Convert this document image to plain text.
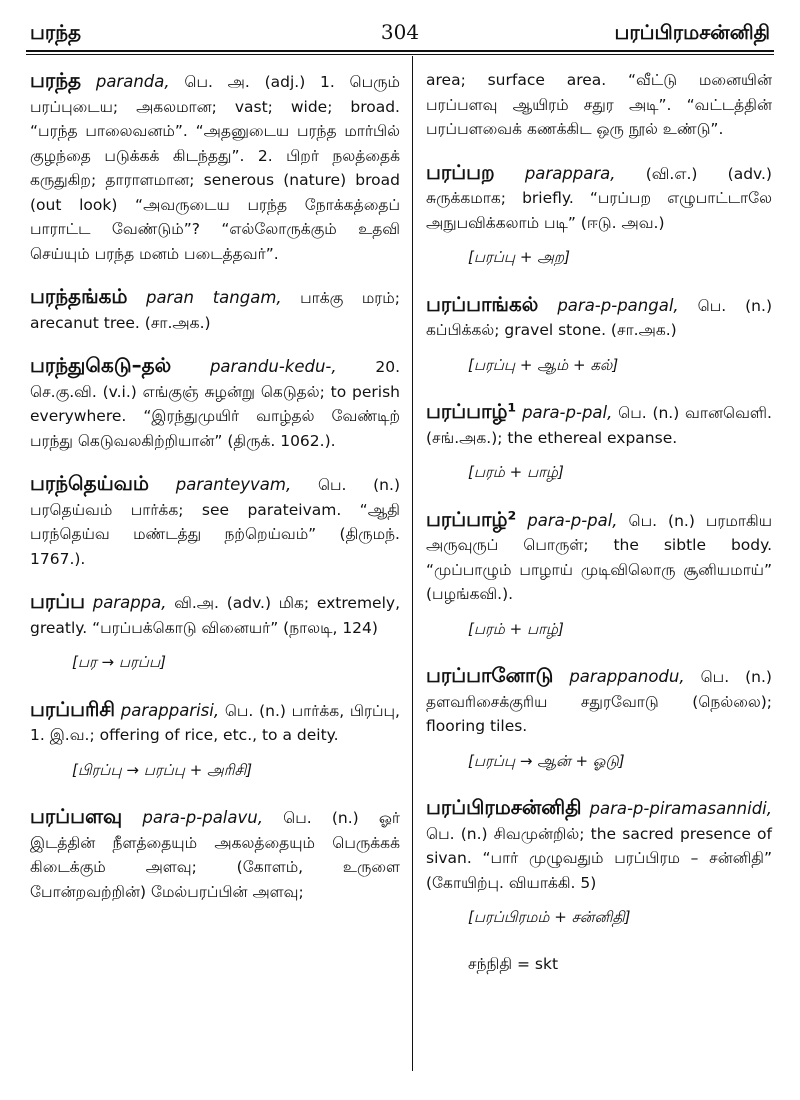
பரந்த	304	பரப்பிரமசன்னிதி
பரந்த paranda, பெ. அ. (adj.) 1. பெரும் பரப்புடைய; அகலமான; vast; wide; broad. “பரந்த பாலைவனம்”. “அதனுடைய பரந்த மார்பில் குழந்தை படுக்கக் கிடந்தது”. 2. பிறர் நலத்தைக் கருதுகிற; தாராளமான; senerous (nature) broad (out look) “அவருடைய பரந்த நோக்கத்தைப் பாராட்ட வேண்டும்”? “எல்லோருக்கும் உதவி செய்யும் பரந்த மனம் படைத்தவர்”.
பரந்தங்கம் paran tangam, பாக்கு மரம்; arecanut tree. (சா.அக.)
பரந்துகெடு–தல் parandu-kedu-, 20. செ.கு.வி. (v.i.) எங்குஞ் சுழன்று கெடுதல்; to perish everywhere. “இரந்துமுயிர் வாழ்தல் வேண்டிற் பரந்து கெடுவலகிற்றியான்” (திருக். 1062.).
பரந்தெய்வம் paranteyvam, பெ. (n.) பரதெய்வம் பார்க்க; see parateivam. “ஆதி பரந்தெய்வ மண்டத்து நற்றெய்வம்” (திருமந். 1767.).
பரப்ப parappa, வி.அ. (adv.) மிக; extremely, greatly. “பரப்பக்கொடு வினையர்” (நாலடி, 124)
[பர → பரப்ப]
பரப்பரிசி parapparisi, பெ. (n.) பார்க்க, பிரப்பு, 1. இ.வ.; offering of rice, etc., to a deity.
[பிரப்பு → பரப்பு + அரிசி]
பரப்பளவு para-p-palavu, பெ. (n.) ஓர் இடத்தின் நீளத்தையும் அகலத்தையும் பெருக்கக் கிடைக்கும் அளவு; (கோளம், உருளை போன்றவற்றின்) மேல்பரப்பின் அளவு;
area; surface area. “வீட்டு மனையின் பரப்பளவு ஆயிரம் சதுர அடி”. “வட்டத்தின் பரப்பளவைக் கணக்கிட ஒரு நூல் உண்டு”.
பரப்பற parappara, (வி.எ.) (adv.) சுருக்கமாக; briefly. “பரப்பற எழுபாட்டாலே அநுபவிக்கலாம் படி” (ஈடு. அவ.)
[பரப்பு + அற]
பரப்பாங்கல் para-p-pangal, பெ. (n.) கப்பிக்கல்; gravel stone. (சா.அக.)
[பரப்பு + ஆம் + கல்]
பரப்பாழ்¹ para-p-pal, பெ. (n.) வானவெளி. (சங்.அக.); the ethereal expanse.
[பரம் + பாழ்]
பரப்பாழ்² para-p-pal, பெ. (n.) பரமாகிய அருவுருப் பொருள்; the sibtle body. “முப்பாழும் பாழாய் முடிவிலொரு சூனியமாய்” (பழங்கவி.).
[பரம் + பாழ்]
பரப்பானோடு parappanodu, பெ. (n.) தளவரிசைக்குரிய சதுரவோடு (நெல்லை); flooring tiles.
[பரப்பு → ஆன் + ஓடு]
பரப்பிரமசன்னிதி para-p-piramasannidi, பெ. (n.) சிவமுன்றில்; the sacred presence of sivan. “பார் முழுவதும் பரப்பிரம – சன்னிதி” (கோயிற்பு. வியாக்கி. 5)
[பரப்பிரமம் + சன்னிதி]
சந்நிதி = skt
